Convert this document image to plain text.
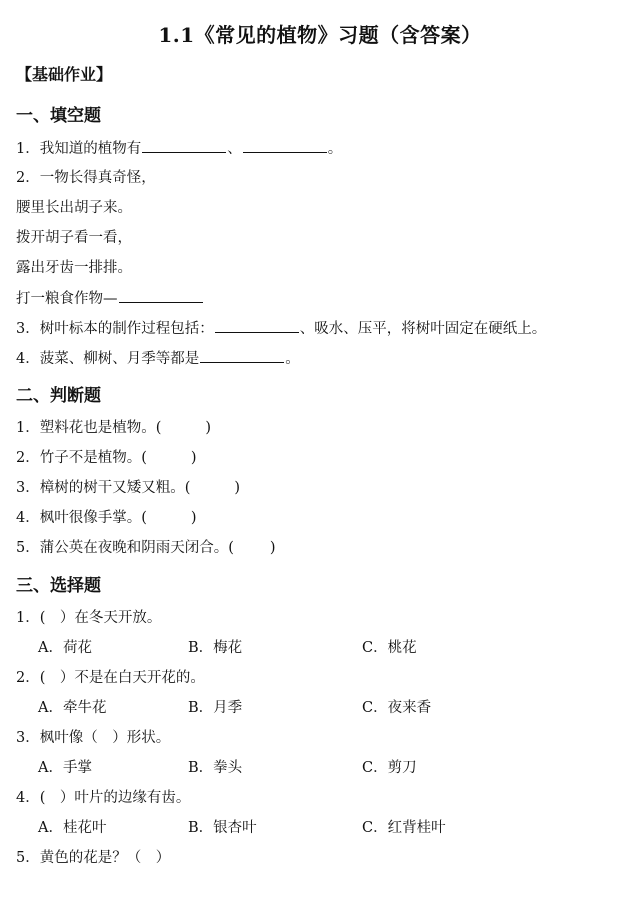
1.1《常见的植物》习题（含答案）
【基础作业】
一、填空题
1．我知道的植物有	、	。
2．一物长得真奇怪，
腰里长出胡子来。
拨开胡子看一看，
露出牙齿一排排。
打一粮食作物—
3．树叶标本的制作过程包括：	、吸水、压平，将树叶固定在硬纸上。
4．菠菜、柳树、月季等都是	。
二、判断题
1．塑料花也是植物。(	)
2．竹子不是植物。(	)
3．樟树的树干又矮又粗。(	)
4．枫叶很像手掌。(	)
5．蒲公英在夜晚和阴雨天闭合。( )
三、选择题
1．(　）在冬天开放。
A．荷花	B．梅花	C．桃花
2．(　）不是在白天开花的。
A．牵牛花	B．月季	C．夜来香
3．枫叶像（　）形状。
A．手掌	B．拳头	C．剪刀
4．(　）叶片的边缘有齿。
A．桂花叶	B．银杏叶	C．红背桂叶
5．黄色的花是？（　）
